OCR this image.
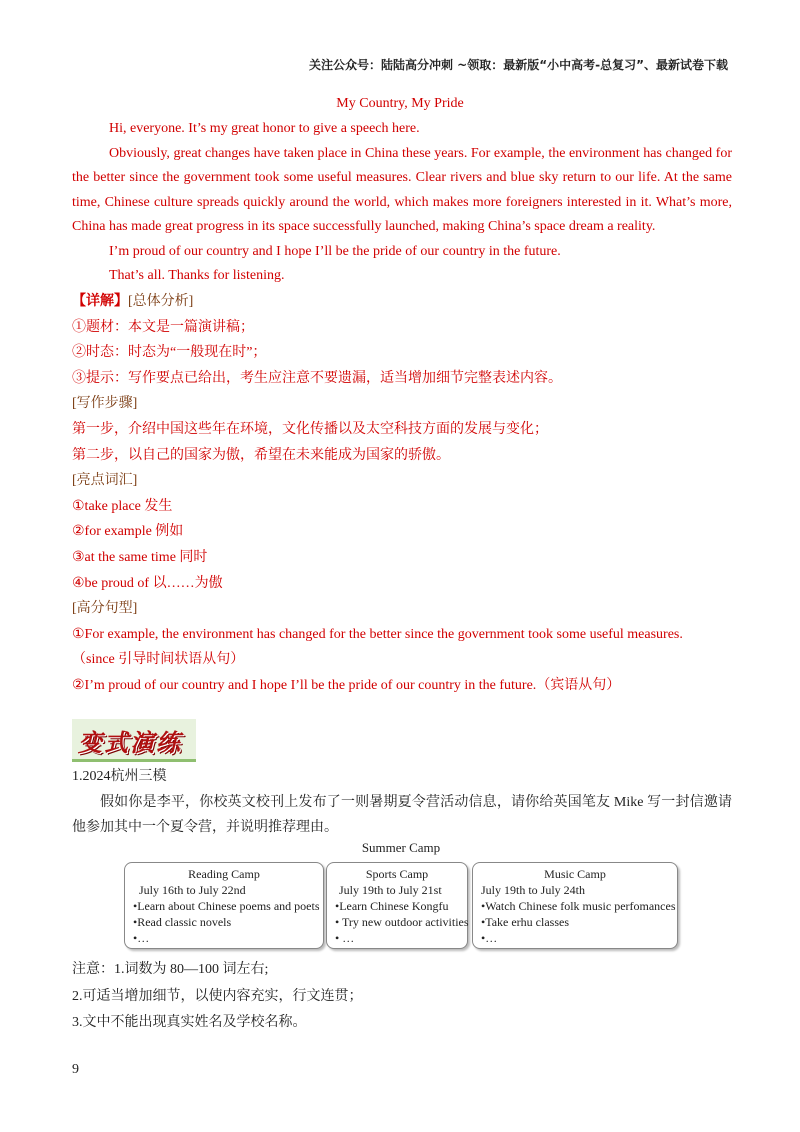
关注公众号：陆陆高分冲刺 ~领取：最新版“小中高考-总复习”、最新试卷下载
My Country, My Pride

Hi, everyone. It’s my great honor to give a speech here.

Obviously, great changes have taken place in China these years. For example, the environment has changed for the better since the government took some useful measures. Clear rivers and blue sky return to our life. At the same time, Chinese culture spreads quickly around the world, which makes more foreigners interested in it. What’s more, China has made great progress in its space successfully launched, making China’s space dream a reality.

I’m proud of our country and I hope I’ll be the pride of our country in the future.

That’s all. Thanks for listening.

【详解】[总体分析]
①题材：本文是一篇演讲稿；
②时态：时态为“一般现在时”；
③提示：写作要点已给出，考生应注意不要遗漏，适当增加细节完整表述内容。
[写作步骤]
第一步，介绍中国这些年在环境，文化传播以及太空科技方面的发展与变化；
第二步，以自己的国家为傲，希望在未来能成为国家的骄傲。
[亮点词汇]
①take place 发生
②for example 例如
③at the same time 同时
④be proud of 以……为傲
[高分句型]
①For example, the environment has changed for the better since the government took some useful measures.
（since 引导时间状语从句）
②I’m proud of our country and I hope I’ll be the pride of our country in the future.（宾语从句）
变式演练
1.2024杭州三模
假如你是李平，你校英文校刊上发布了一则暑期夏令营活动信息，请你给英国笔友 Mike 写一封信邀请他参加其中一个夏令营，并说明推荐理由。
Summer Camp
Reading Camp
July 16th to July 22nd
•Learn about Chinese poems and poets
•Read classic novels
•…
Sports Camp
July 19th to July 21st
•Learn Chinese Kongfu
• Try new outdoor activities
• …
Music Camp
July 19th to July 24th
•Watch Chinese folk music perfomances
•Take erhu classes
•…
注意：1.词数为 80—100 词左右;
2.可适当增加细节，以使内容充实，行文连贯；
3.文中不能出现真实姓名及学校名称。
9
